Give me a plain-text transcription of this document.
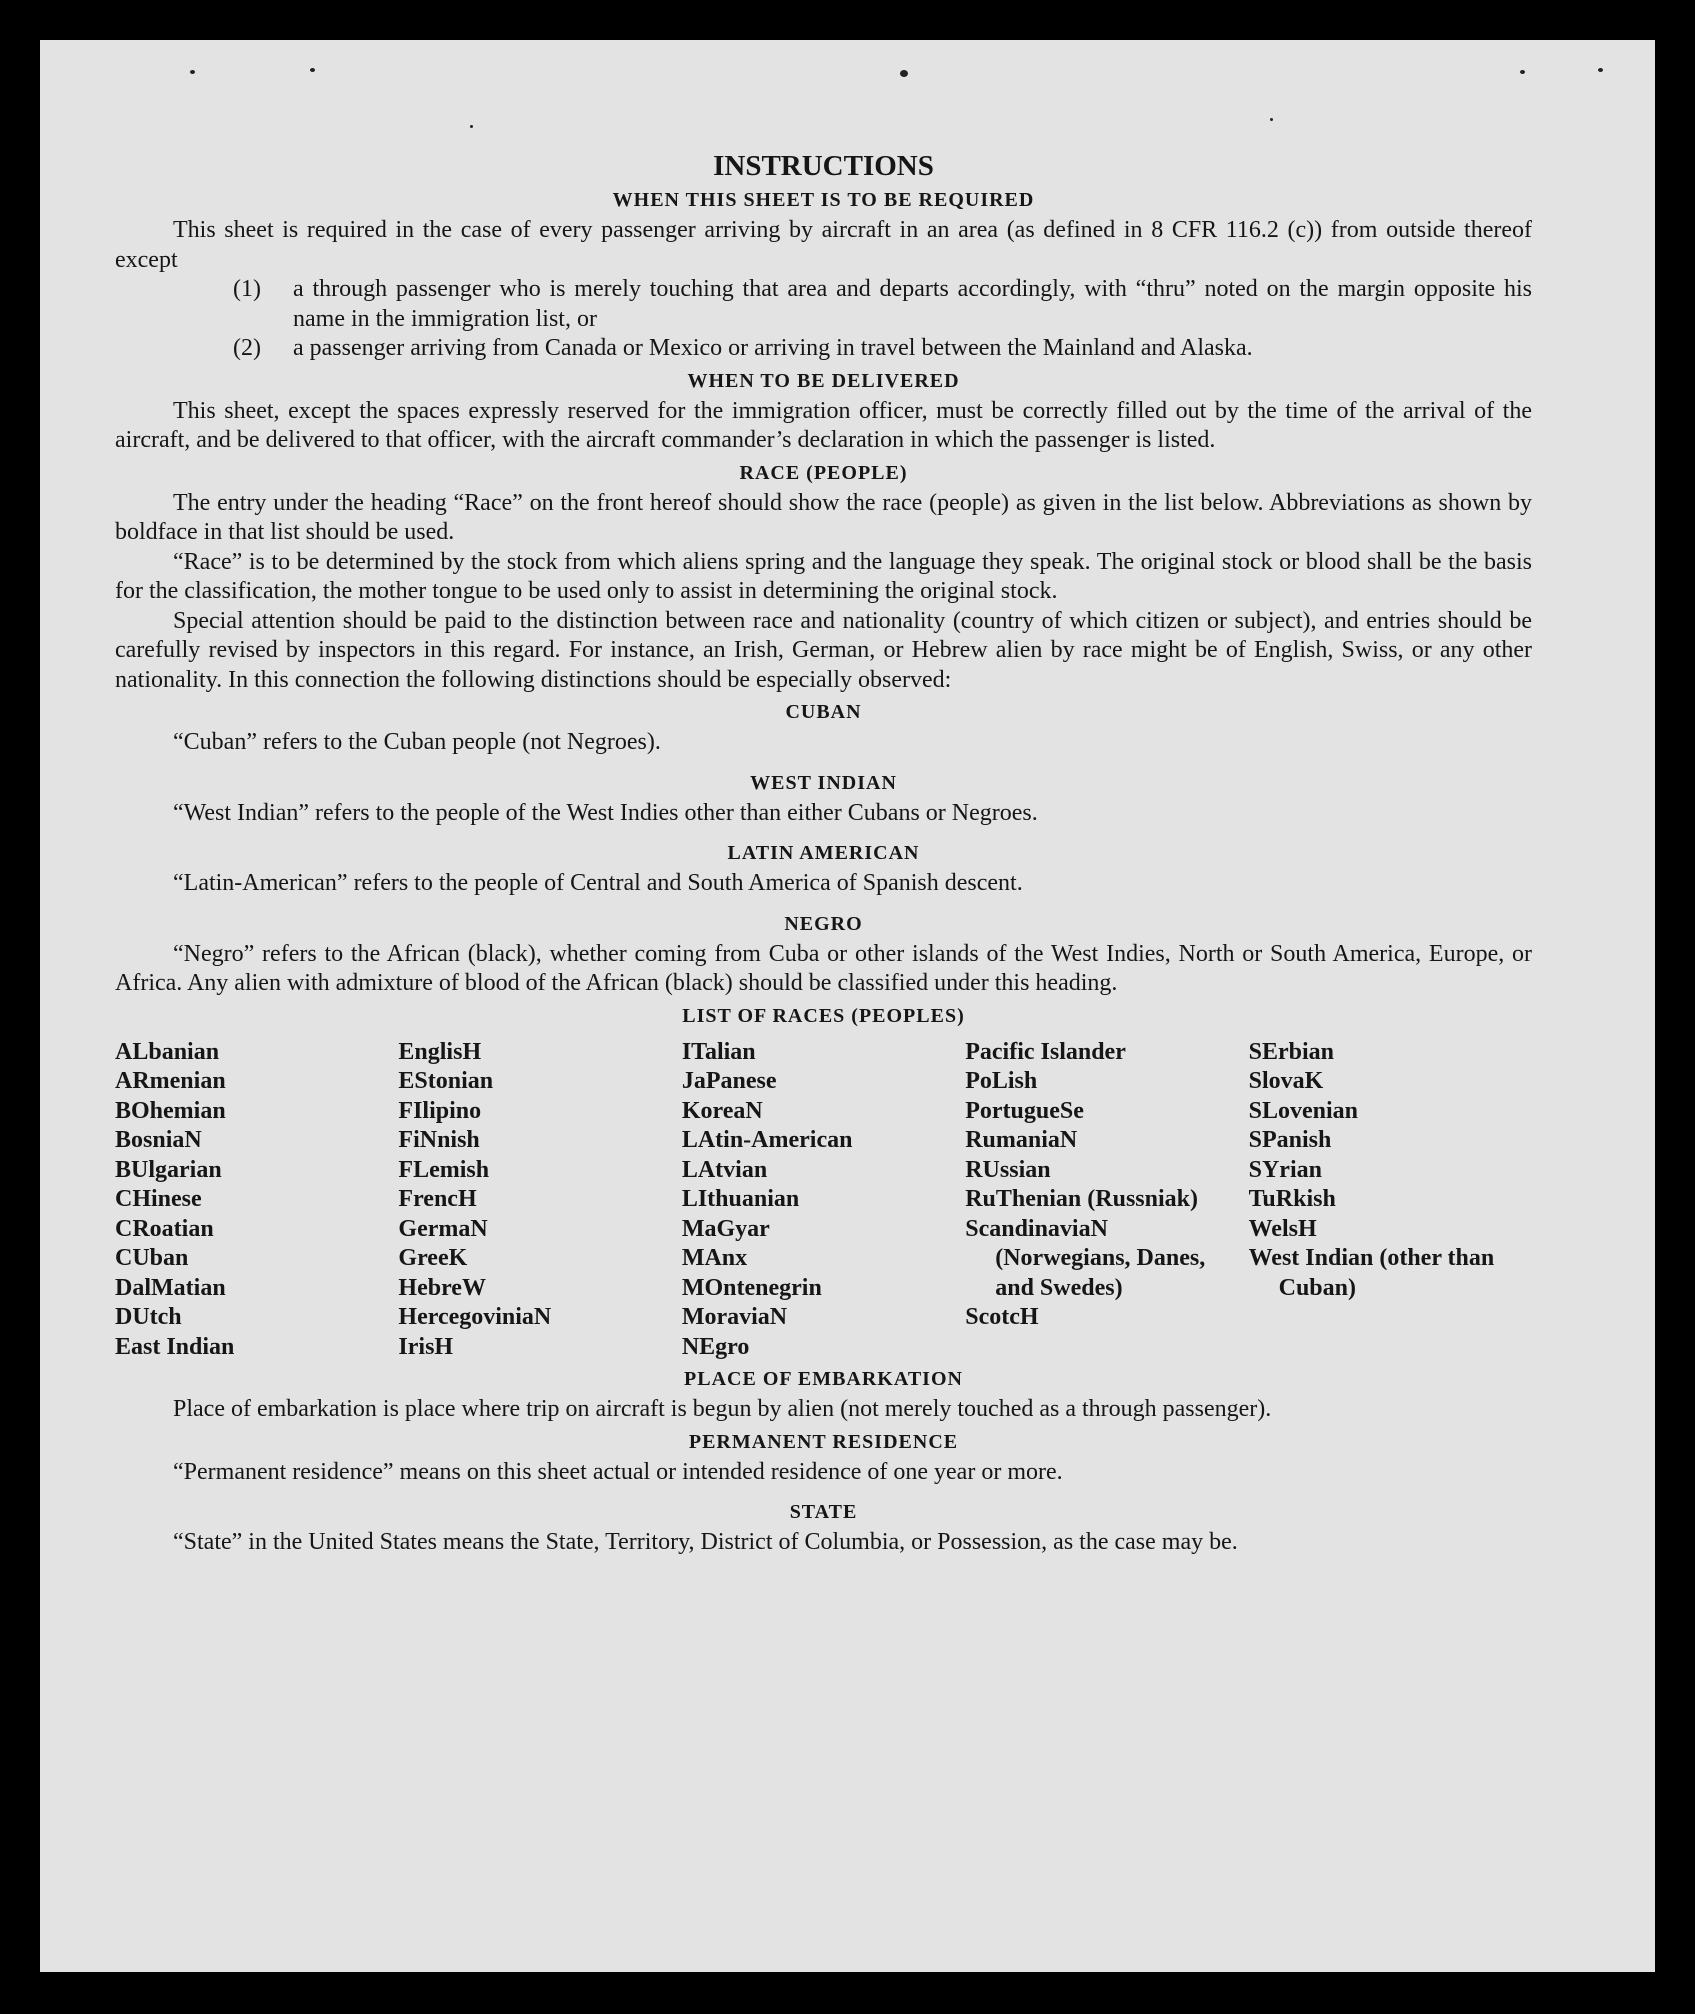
INSTRUCTIONS
WHEN THIS SHEET IS TO BE REQUIRED

This sheet is required in the case of every passenger arriving by aircraft in an area (as defined in 8 CFR 116.2 (c)) from outside thereof except

(1)	a through passenger who is merely touching that area and departs accordingly, with “thru” noted on the margin opposite his name in the immigration list, or
(2)	a passenger arriving from Canada or Mexico or arriving in travel between the Mainland and Alaska.
WHEN TO BE DELIVERED

This sheet, except the spaces expressly reserved for the immigration officer, must be correctly filled out by the time of the arrival of the aircraft, and be delivered to that officer, with the aircraft commander’s declaration in which the passenger is listed.

RACE (PEOPLE)

The entry under the heading “Race” on the front hereof should show the race (people) as given in the list below. Abbreviations as shown by boldface in that list should be used.

“Race” is to be determined by the stock from which aliens spring and the language they speak. The original stock or blood shall be the basis for the classification, the mother tongue to be used only to assist in determining the original stock.

Special attention should be paid to the distinction between race and nationality (country of which citizen or subject), and entries should be carefully revised by inspectors in this regard. For instance, an Irish, German, or Hebrew alien by race might be of English, Swiss, or any other nationality. In this connection the following distinctions should be especially observed:

CUBAN

“Cuban” refers to the Cuban people (not Negroes).

WEST INDIAN

“West Indian” refers to the people of the West Indies other than either Cubans or Negroes.

LATIN AMERICAN

“Latin-American” refers to the people of Central and South America of Spanish descent.

NEGRO

“Negro” refers to the African (black), whether coming from Cuba or other islands of the West Indies, North or South America, Europe, or Africa. Any alien with admixture of blood of the African (black) should be classified under this heading.

LIST OF RACES (PEOPLES)
ALbanian
ARmenian
BOhemian
BosniaN
BUlgarian
CHinese
CRoatian
CUban
DalMatian
DUtch
East Indian
EnglisH
EStonian
FIlipino
FiNnish
FLemish
FrencH
GermaN
GreeK
HebreW
HercegoviniaN
IrisH
ITalian
JaPanese
KoreaN
LAtin-American
LAtvian
LIthuanian
MaGyar
MAnx
MOntenegrin
MoraviaN
NEgro
Pacific Islander
PoLish
PortugueSe
RumaniaN
RUssian
RuThenian (Russniak)
ScandinaviaN (Norwegians, Danes, and Swedes)
ScotcH
SErbian
SlovaK
SLovenian
SPanish
SYrian
TuRkish
WelsH
West Indian (other than Cuban)
PLACE OF EMBARKATION

Place of embarkation is place where trip on aircraft is begun by alien (not merely touched as a through passenger).

PERMANENT RESIDENCE

“Permanent residence” means on this sheet actual or intended residence of one year or more.

STATE

“State” in the United States means the State, Territory, District of Columbia, or Possession, as the case may be.
